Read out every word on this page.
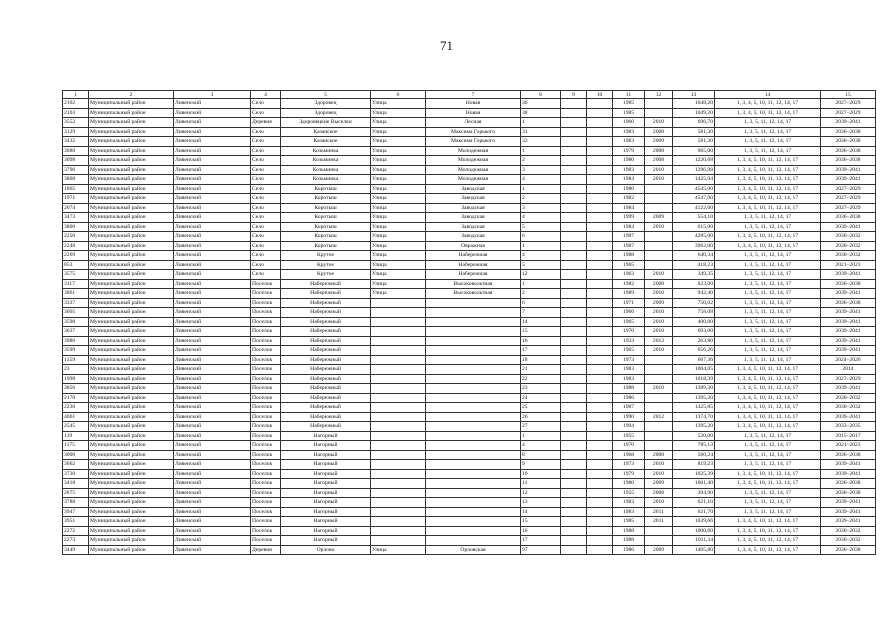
71
1	2	3	4	5	6	7	8	9	10	11	12	13	14	15
2102	Муниципальный район	Ливенский	Село	Здоровец	Улица	Новая	36			1985		1048,20	1, 3, 4, 5, 10, 11, 12, 14, 17	2027–2029
2103	Муниципальный район	Ливенский	Село	Здоровец	Улица	Новая	38			1985		1049,20	1, 3, 4, 5, 10, 11, 12, 14, 17	2027–2029
3552	Муниципальный район	Ливенский	Деревня	Здоровецкие Выселки	Улица	Лесная	1			1960	2010	696,70	1, 3, 5, 11, 12, 14, 17	2039–2041
3129	Муниципальный район	Ливенский	Село	Казанское	Улица	Максима Горького	31			1983	2008	581,30	1, 3, 5, 11, 12, 14, 17	2036–2038
3432	Муниципальный район	Ливенский	Село	Казанское	Улица	Максима Горького	33			1983	2009	581,30	1, 3, 5, 11, 12, 14, 17	2036–2038
3080	Муниципальный район	Ливенский	Село	Козьминка	Улица	Молодежная	1			1979	2008	965,00	1, 3, 5, 11, 12, 14, 17	2036–2038
3098	Муниципальный район	Ливенский	Село	Козьминка	Улица	Молодежная	2			1980	2008	1220,68	1, 3, 4, 5, 10, 11, 12, 14, 17	2036–2038
3796	Муниципальный район	Ливенский	Село	Козьминка	Улица	Молодежная	3			1983	2010	1296,98	1, 3, 4, 5, 10, 11, 12, 14, 17	2039–2041
3808	Муниципальный район	Ливенский	Село	Козьминка	Улица	Молодежная	4			1984	2010	1425,94	1, 3, 4, 5, 10, 11, 12, 14, 17	2039–2041
1865	Муниципальный район	Ливенский	Село	Коротыш	Улица	Заводская	1			1980		4545,00	1, 3, 4, 5, 10, 11, 12, 14, 17	2027–2029
1971	Муниципальный район	Ливенский	Село	Коротыш	Улица	Заводская	2			1982		4547,00	1, 3, 4, 5, 10, 11, 12, 14, 17	2027–2029
2074	Муниципальный район	Ливенский	Село	Коротыш	Улица	Заводская	3			1984		4122,00	1, 3, 4, 5, 10, 11, 12, 14, 17	2027–2029
3473	Муниципальный район	Ливенский	Село	Коротыш	Улица	Заводская	4			1999	2009	554,10	1, 3, 5, 11, 12, 14, 17	2036–2038
3800	Муниципальный район	Ливенский	Село	Коротыш	Улица	Заводская	5			1984	2010	615,00	1, 3, 5, 11, 12, 14, 17	2039–2041
2250	Муниципальный район	Ливенский	Село	Коротыш	Улица	Заводская	6			1987		4285,00	1, 3, 4, 5, 10, 11, 12, 14, 17	2030–2032
2248	Муниципальный район	Ливенский	Село	Коротыш	Улица	Овражная	1			1987		3962,00	1, 3, 4, 5, 10, 11, 12, 14, 17	2030–2032
2269	Муниципальный район	Ливенский	Село	Крутое	Улица	Набережная	4			1988		640,34	1, 3, 5, 11, 12, 14, 17	2030–2032
853	Муниципальный район	Ливенский	Село	Крутое	Улица	Набережная	5			1965		418,23	1, 3, 5, 11, 12, 14, 17	2021–2023
3575	Муниципальный район	Ливенский	Село	Крутое	Улица	Набережная	12			1963	2010	349,35	1, 3, 5, 11, 12, 14, 17	2039–2041
3117	Муниципальный район	Ливенский	Поселок	Набережный	Улица	Высоковольтная	1			1982	2008	623,00	1, 3, 5, 11, 12, 14, 17	2036–2038
3861	Муниципальный район	Ливенский	Поселок	Набережный	Улица	Высоковольтная	2			1989	2010	942,40	1, 3, 5, 11, 12, 14, 17	2039–2041
3337	Муниципальный район	Ливенский	Поселок	Набережный			6			1971	2009	750,02	1, 3, 5, 11, 12, 14, 17	2036–2038
3605	Муниципальный район	Ливенский	Поселок	Набережный			7			1966	2010	758,08	1, 3, 5, 11, 12, 14, 17	2039–2041
3598	Муниципальный район	Ливенский	Поселок	Набережный			14			1965	2010	400,00	1, 3, 5, 11, 12, 14, 17	2039–2041
3637	Муниципальный район	Ливенский	Поселок	Набережный			15			1970	2010	693,00	1, 3, 5, 11, 12, 14, 17	2039–2041
3986	Муниципальный район	Ливенский	Поселок	Набережный			16			1933	2012	263,80	1, 3, 5, 11, 12, 14, 17	2039–2041
3599	Муниципальный район	Ливенский	Поселок	Набережный			17			1965	2010	656,26	1, 3, 5, 11, 12, 14, 17	2039–2041
1359	Муниципальный район	Ливенский	Поселок	Набережный			18			1973		667,36	1, 3, 5, 11, 12, 14, 17	2024–2026
23	Муниципальный район	Ливенский	Поселок	Набережный			21			1983		1004,05	1, 3, 4, 5, 10, 11, 12, 14, 17	2014
1998	Муниципальный район	Ливенский	Поселок	Набережный			22			1983		1018,39	1, 3, 4, 5, 10, 11, 12, 14, 17	2027–2029
3856	Муниципальный район	Ливенский	Поселок	Набережный			23			1988	2010	1389,30	1, 3, 4, 5, 10, 11, 12, 14, 17	2039–2041
2170	Муниципальный район	Ливенский	Поселок	Набережный			24			1986		1395,20	1, 3, 4, 5, 10, 11, 12, 14, 17	2030–2032
2236	Муниципальный район	Ливенский	Поселок	Набережный			25			1987		1425,85	1, 3, 4, 5, 10, 11, 12, 14, 17	2030–2032
4061	Муниципальный район	Ливенский	Поселок	Набережный			26			1990	2012	1374,70	1, 3, 4, 5, 10, 11, 12, 14, 17	2039–2041
2545	Муниципальный район	Ливенский	Поселок	Набережный			27			1994		1395,20	1, 3, 4, 5, 10, 11, 12, 14, 17	2033–2035
119	Муниципальный район	Ливенский	Поселок	Нагорный			1			1955		520,00	1, 3, 5, 11, 12, 14, 17	2015–2017
1175	Муниципальный район	Ливенский	Поселок	Нагорный			4			1970		785,13	1, 3, 5, 11, 12, 14, 17	2021–2023
3000	Муниципальный район	Ливенский	Поселок	Нагорный			8			1968	2008	560,24	1, 3, 5, 11, 12, 14, 17	2036–2038
3662	Муниципальный район	Ливенский	Поселок	Нагорный			9			1973	2010	819,23	1, 3, 5, 11, 12, 14, 17	2039–2041
3730	Муниципальный район	Ливенский	Поселок	Нагорный			10			1979	2010	1025,39	1, 3, 4, 5, 10, 11, 12, 14, 17	2039–2041
3418	Муниципальный район	Ливенский	Поселок	Нагорный			11			1980	2009	1061,40	1, 3, 4, 5, 10, 11, 12, 14, 17	2036–2038
2875	Муниципальный район	Ливенский	Поселок	Нагорный			12			1955	2008	394,90	1, 3, 5, 11, 12, 14, 17	2036–2038
3788	Муниципальный район	Ливенский	Поселок	Нагорный			13			1983	2010	621,10	1, 3, 5, 11, 12, 14, 17	2039–2041
3947	Муниципальный район	Ливенский	Поселок	Нагорный			14			1983	2011	621,70	1, 3, 5, 11, 12, 14, 17	2039–2041
3951	Муниципальный район	Ливенский	Поселок	Нагорный			15			1985	2011	1039,66	1, 3, 4, 5, 10, 11, 12, 14, 17	2039–2041
2272	Муниципальный район	Ливенский	Поселок	Нагорный			16			1988		1000,60	1, 3, 4, 5, 10, 11, 12, 14, 17	2030–2032
2273	Муниципальный район	Ливенский	Поселок	Нагорный			17			1988		1011,34	1, 3, 4, 5, 10, 11, 12, 14, 17	2030–2032
3449	Муниципальный район	Ливенский	Деревня	Орлово	Улица	Орловская	97			1986	2009	1405,80	1, 3, 4, 5, 10, 11, 12, 14, 17	2036–2038
